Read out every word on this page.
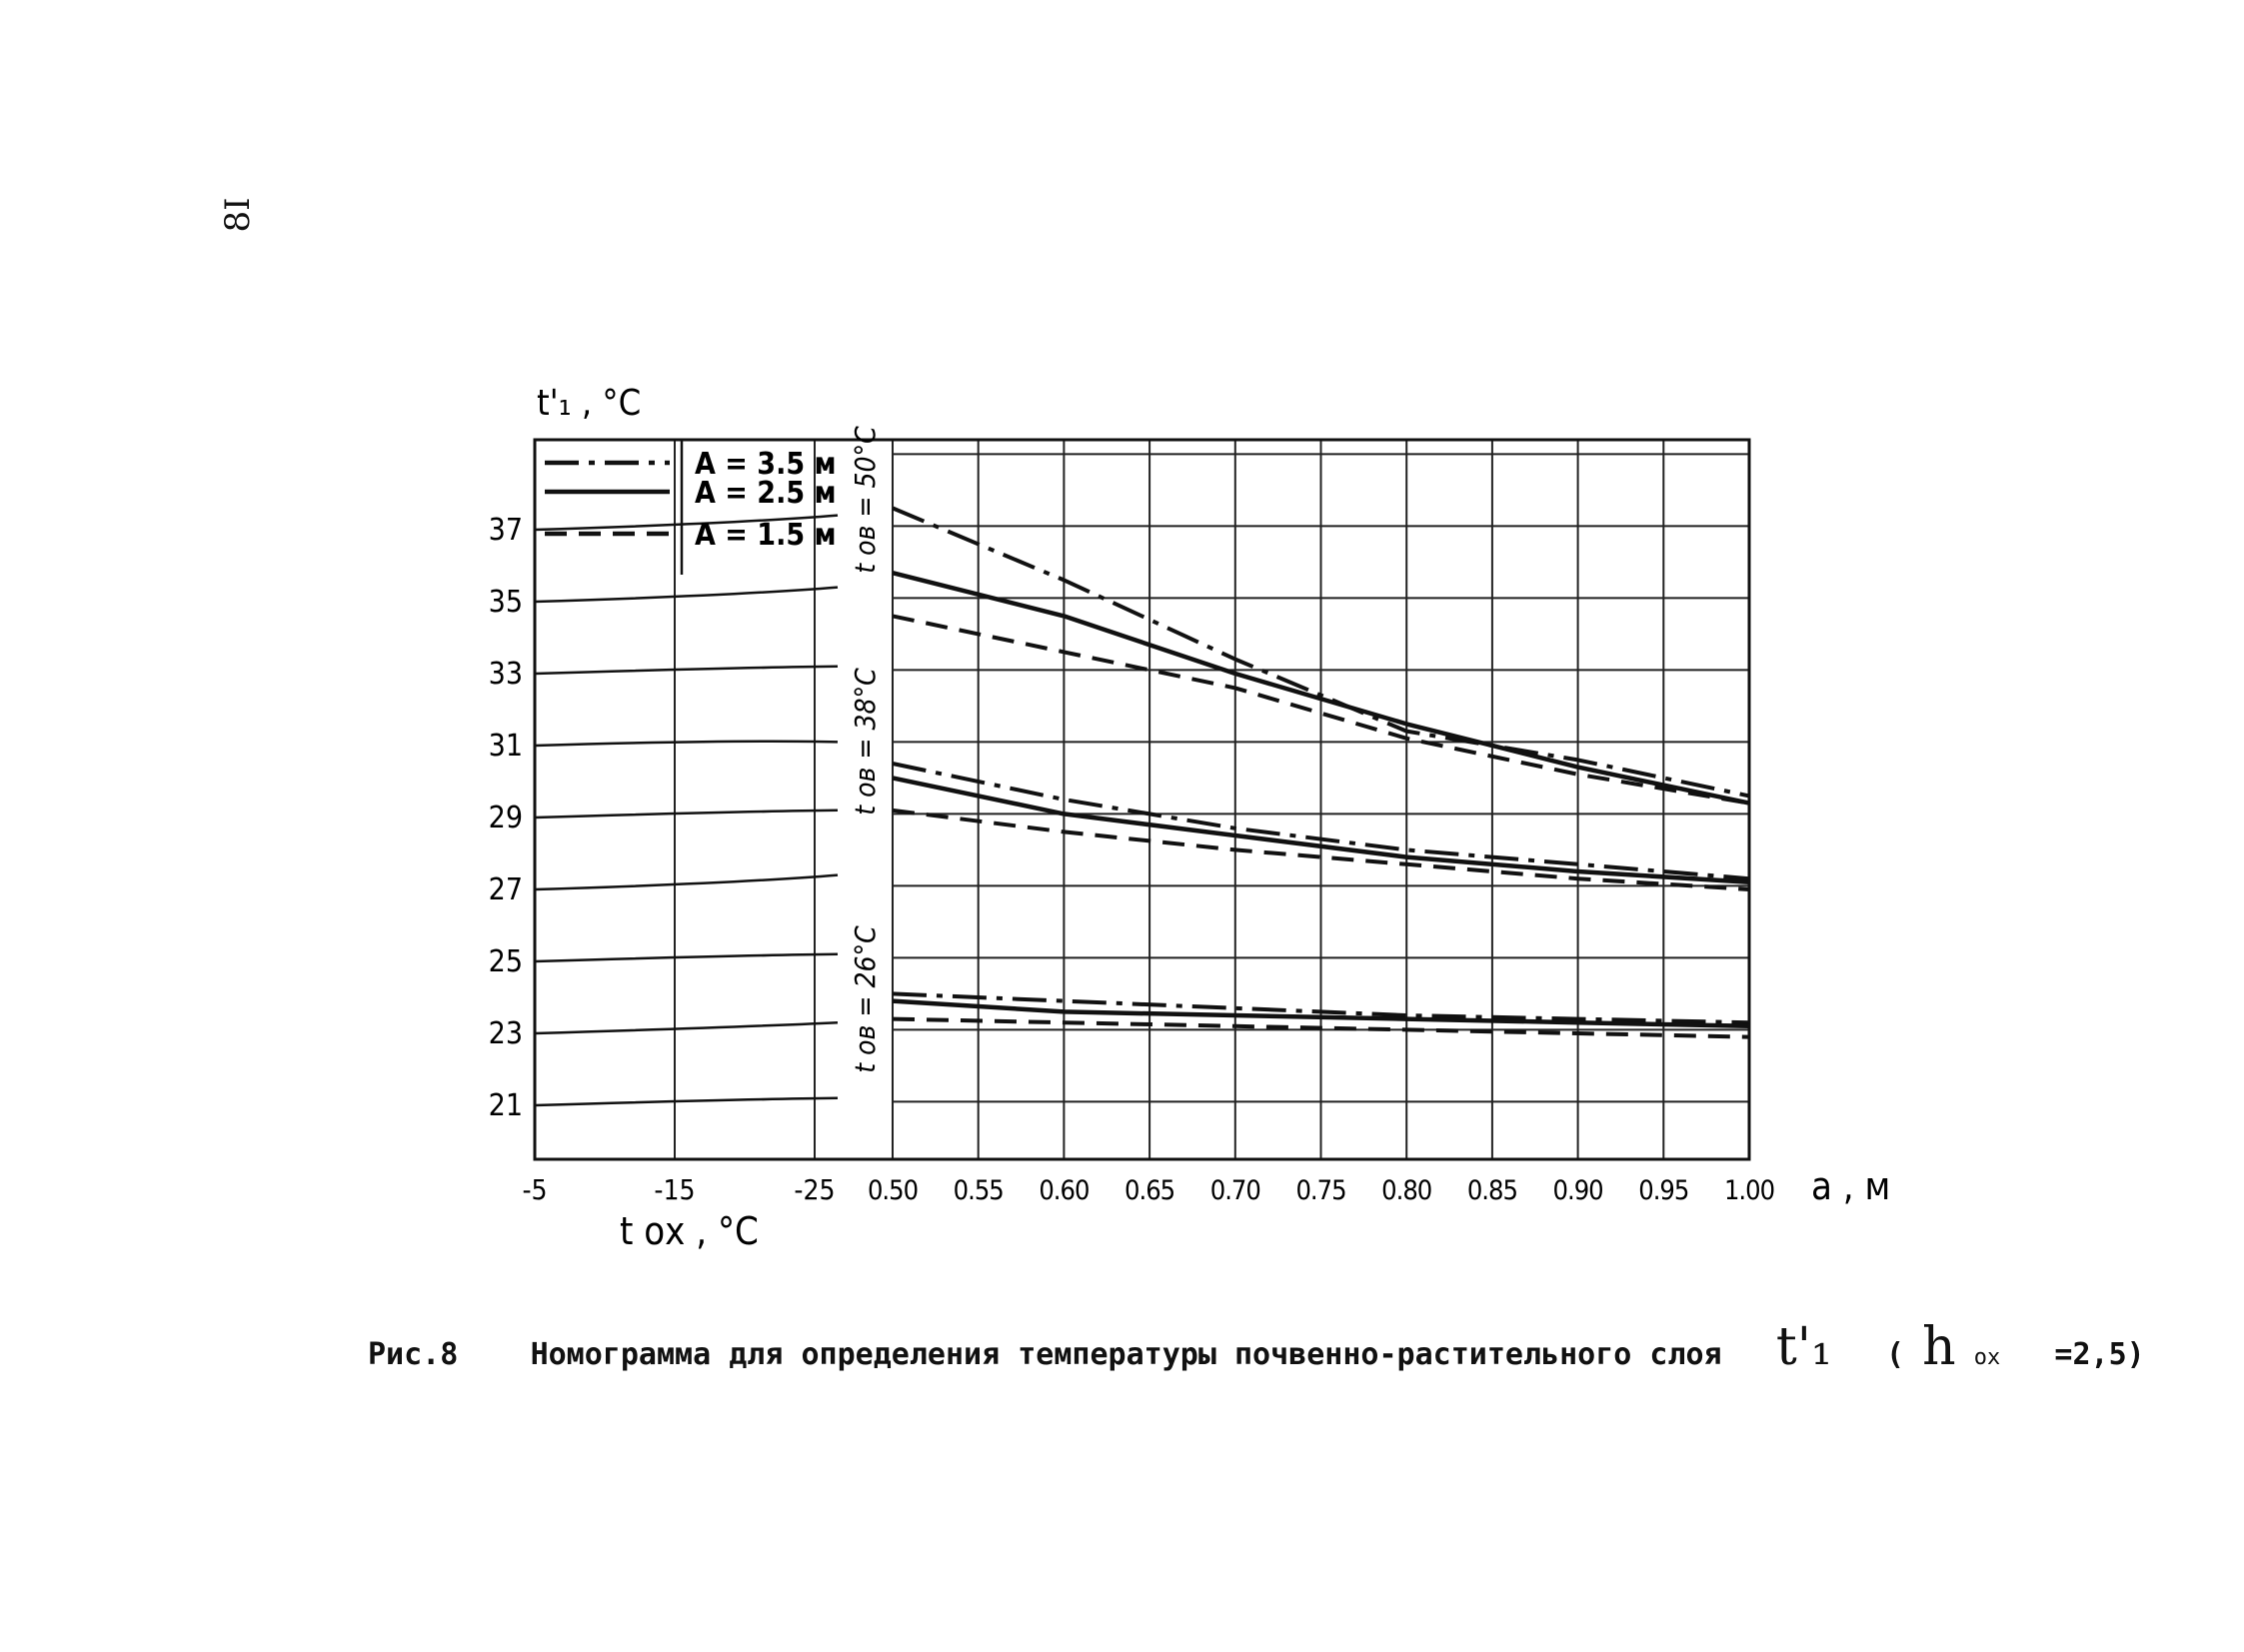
8I
21
23
25
27
29
31
33
35
37
-5	-15	-25 0.50 0.55 0.60 0.65 0.70 0.75 0.80 0.85 0.90 0.95 1.00
t ов = 50°C
t ов = 38°C
t ов = 26°C
A = 3.5 м
A = 2.5 м
A = 1.5 м
t'₁ , °C
t ох , °C
a , м
Рис.8 Номограмма для определения температуры почвенно-растительного слоя t'₁ ( h ох =2,5)
